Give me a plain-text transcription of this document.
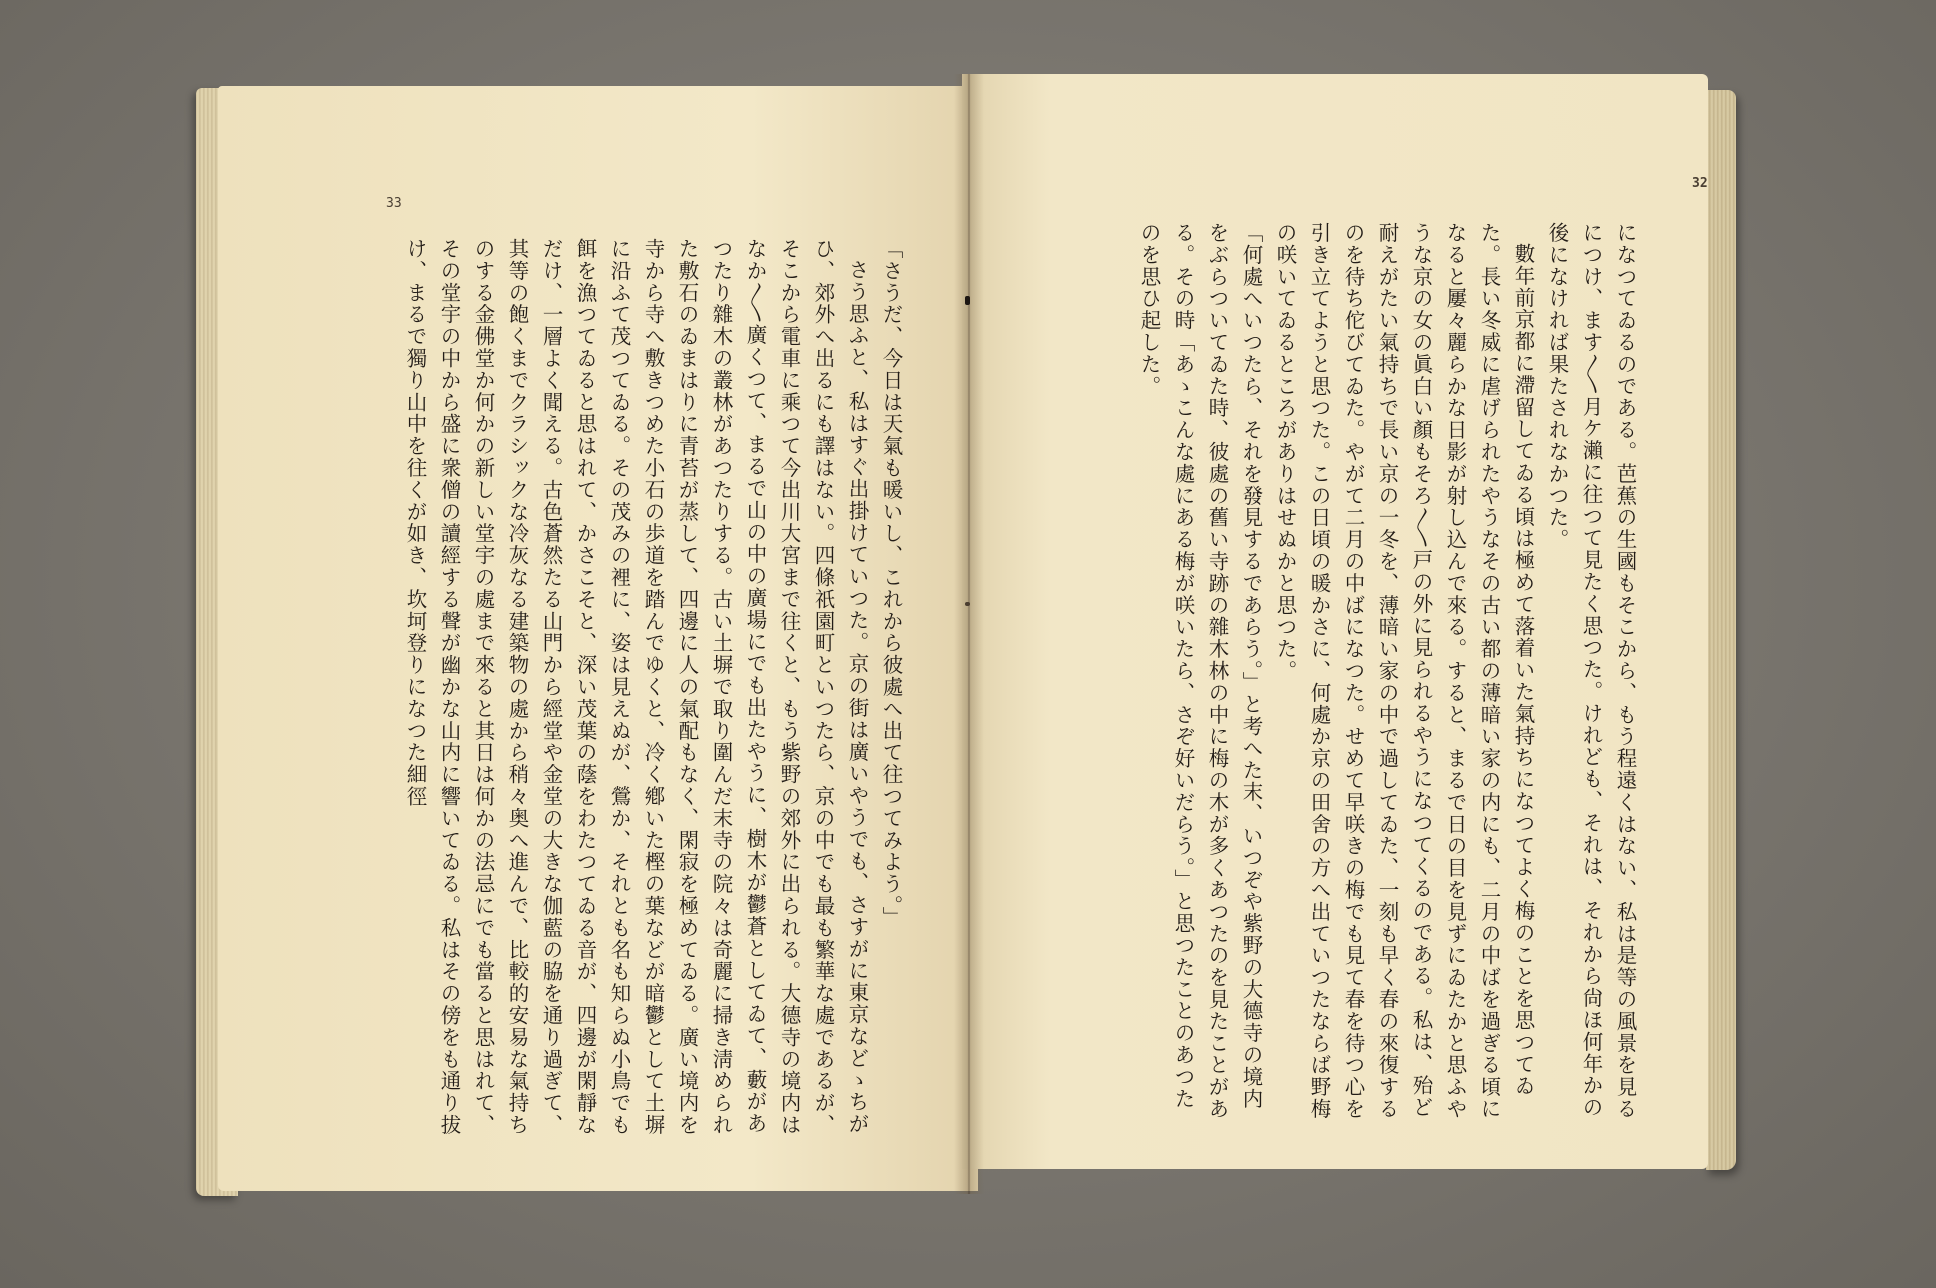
33

「さうだ、今日は天氣も暖いし、これから彼處へ出て往つてみよう。」

さう思ふと、私はすぐ出掛けていつた。京の街は廣いやうでも、さすがに東京などゝちがひ、郊外へ出るにも譯はない。四條祇園町といつたら、京の中でも最も繁華な處であるが、そこから電車に乘つて今出川大宮まで往くと、もう紫野の郊外に出られる。大德寺の境内はなか〳〵廣くつて、まるで山の中の廣場にでも出たやうに、樹木が鬱蒼としてゐて、藪があつたり雜木の叢林があつたりする。古い土塀で取り圍んだ末寺の院々は奇麗に掃き淸められた敷石のゐまはりに青苔が蒸して、四邊に人の氣配もなく、閑寂を極めてゐる。廣い境内を寺から寺へ敷きつめた小石の歩道を踏んでゆくと、冷く鄕いた樫の葉などが暗鬱として土塀に沿ふて茂つてゐる。その茂みの裡に、姿は見えぬが、鶯か、それとも名も知らぬ小鳥でも餌を漁つてゐると思はれて、かさこそと、深い茂葉の蔭をわたつてゐる音が、四邊が閑靜なだけ、一層よく聞える。古色蒼然たる山門から經堂や金堂の大きな伽藍の脇を通り過ぎて、其等の飽くまでクラシックな冷灰なる建築物の處から稍々奥へ進んで、比較的安易な氣持ちのする金佛堂か何かの新しい堂宇の處まで來ると其日は何かの法忌にでも當ると思はれて、その堂宇の中から盛に衆僧の讀經する聲が幽かな山内に響いてゐる。私はその傍をも通り拔け、まるで獨り山中を往くが如き、坎坷登りになつた細徑

32

になつてゐるのである。芭蕉の生國もそこから、もう程遠くはない、私は是等の風景を見るにつけ、ます〳〵月ケ瀨に往つて見たく思つた。けれども、それは、それから尙ほ何年かの後になければ果たされなかつた。

數年前京都に滯留してゐる頃は極めて落着いた氣持ちになつてよく梅のことを思つてゐた。長い冬威に虐げられたやうなその古い都の薄暗い家の内にも、二月の中ばを過ぎる頃になると屢々麗らかな日影が射し込んで來る。すると、まるで日の目を見ずにゐたかと思ふやうな京の女の眞白い顏もそろ〳〵戸の外に見られるやうになつてくるのである。私は、殆ど耐えがたい氣持ちで長い京の一冬を、薄暗い家の中で過してゐた、一刻も早く春の來復するのを待ち佗びてゐた。やがて二月の中ばになつた。せめて早咲きの梅でも見て春を待つ心を引き立てようと思つた。この日頃の暖かさに、何處か京の田舍の方へ出ていつたならば野梅の咲いてゐるところがありはせぬかと思つた。

「何處へいつたら、それを發見するであらう。」と考へた末、いつぞや紫野の大德寺の境内をぶらついてゐた時、彼處の舊い寺跡の雜木林の中に梅の木が多くあつたのを見たことがある。その時「あゝこんな處にある梅が咲いたら、さぞ好いだらう。」と思つたことのあつたのを思ひ起した。
